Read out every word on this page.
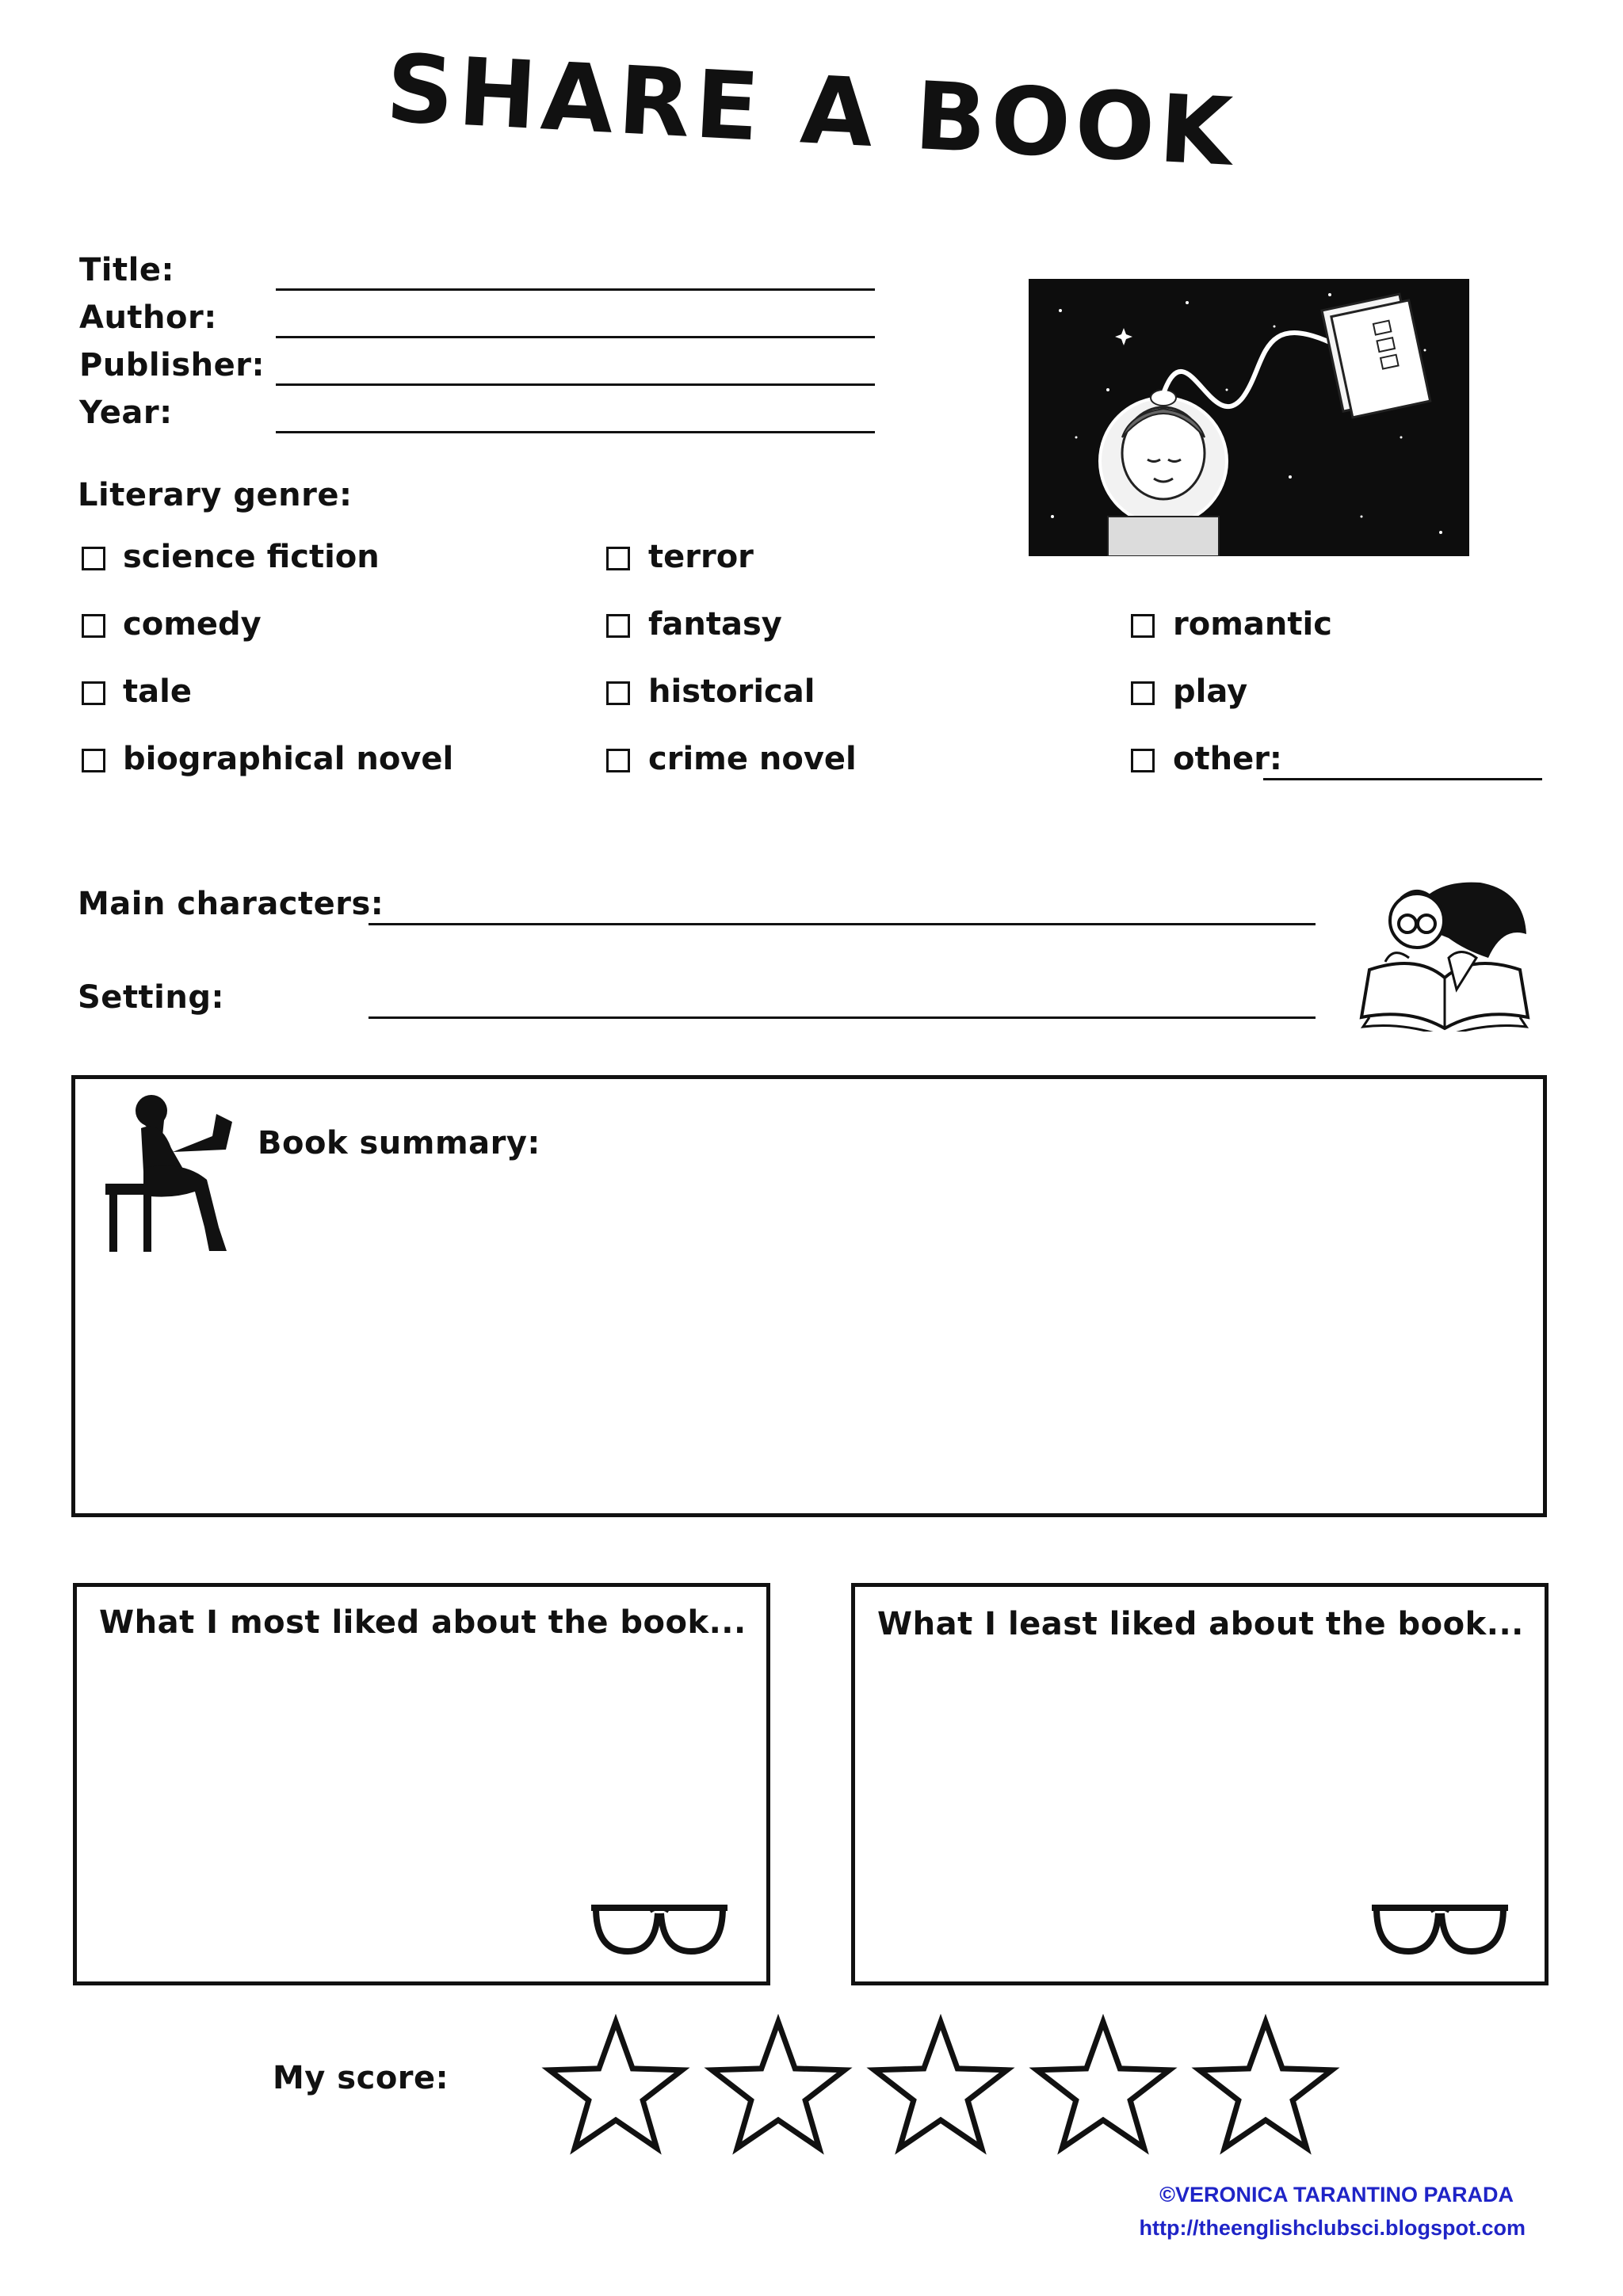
SHARE A BOOK
Title:
Author:
Publisher:
Year:
Literary genre:
science fiction	terror
comedy	fantasy	romantic
tale	historical	play
biographical novel	crime novel	other:
Main characters:
Setting:
Book summary:
What I most liked about the book...	What I least liked about the book...
My score:
©VERONICA TARANTINO PARADA
http://theenglishclubsci.blogspot.com
